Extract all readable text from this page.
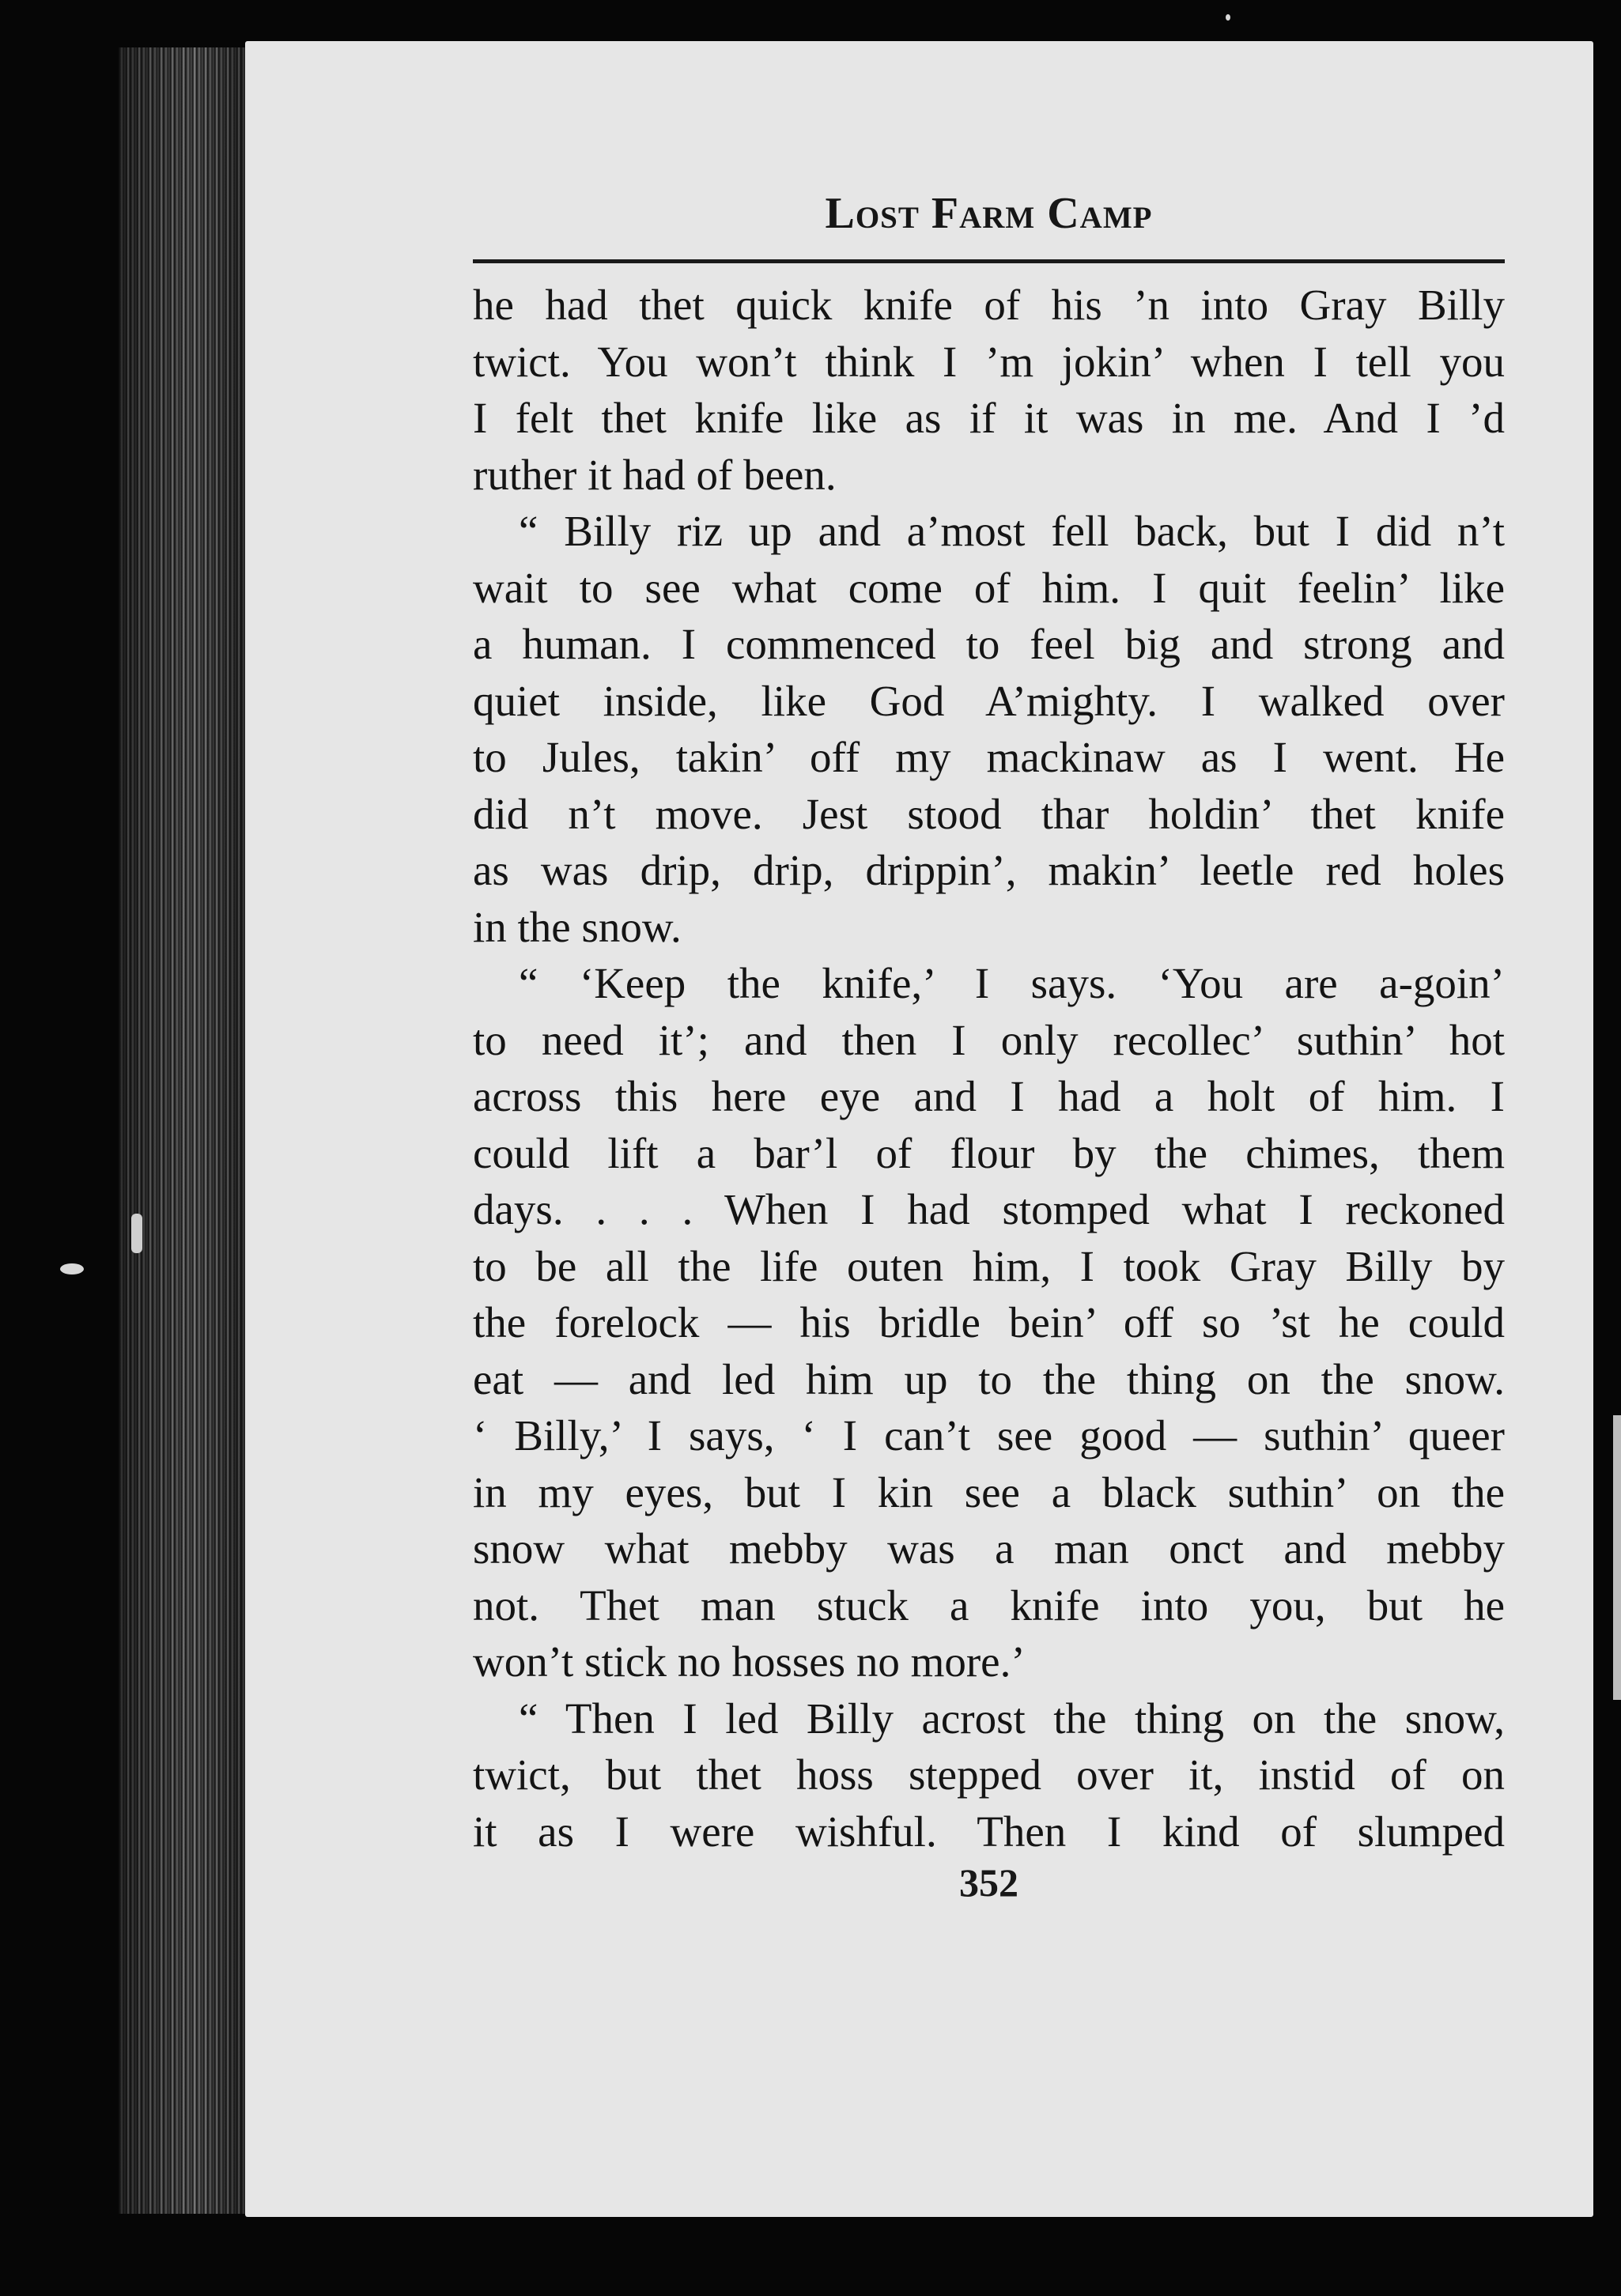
Lost Farm Camp
he had thet quick knife of his ’n into Gray Billy
twict. You won’t think I ’m jokin’ when I tell you
I felt thet knife like as if it was in me. And I ’d
ruther it had of been.
“ Billy riz up and a’most fell back, but I did n’t
wait to see what come of him. I quit feelin’ like
a human. I commenced to feel big and strong and
quiet inside, like God A’mighty. I walked over
to Jules, takin’ off my mackinaw as I went. He
did n’t move. Jest stood thar holdin’ thet knife
as was drip, drip, drippin’, makin’ leetle red holes
in the snow.
“ ‘Keep the knife,’ I says. ‘You are a-goin’
to need it’; and then I only recollec’ suthin’ hot
across this here eye and I had a holt of him. I
could lift a bar’l of flour by the chimes, them
days. . . . When I had stomped what I reckoned
to be all the life outen him, I took Gray Billy by
the forelock — his bridle bein’ off so ’st he could
eat — and led him up to the thing on the snow.
‘ Billy,’ I says, ‘ I can’t see good — suthin’ queer
in my eyes, but I kin see a black suthin’ on the
snow what mebby was a man onct and mebby
not. Thet man stuck a knife into you, but he
won’t stick no hosses no more.’
“ Then I led Billy acrost the thing on the snow,
twict, but thet hoss stepped over it, instid of on
it as I were wishful. Then I kind of slumped
352
